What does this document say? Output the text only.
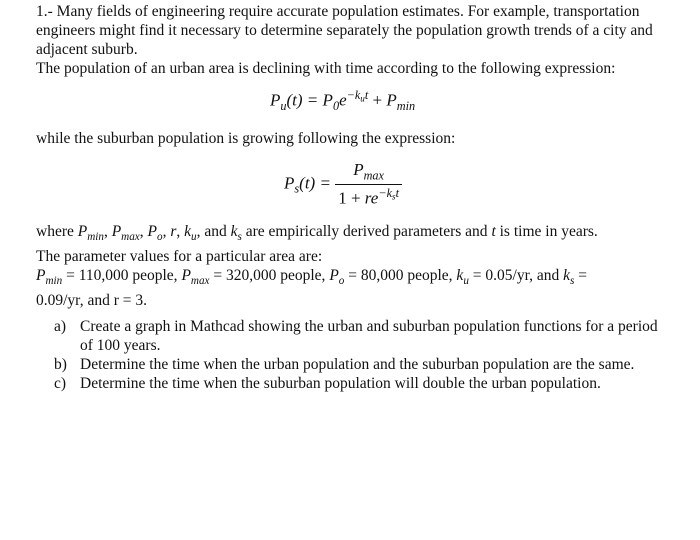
1.- Many fields of engineering require accurate population estimates. For example, transportation engineers might find it necessary to determine separately the population growth trends of a city and adjacent suburb.
The population of an urban area is declining with time according to the following expression:
$P_u(t) = P_0e^{-kut} + P_{min}$
while the suburban population is growing following the expression:
$P_s(t) = \frac{P_{max}}{1 + re^{-kst}}$
where $P_{min}$, $P_{max}$, $P_o$, r, $k_u$, and $k_s$ are empirically derived parameters and t is time in years.
The parameter values for a particular area are:
$P_{min} = 110,000$ people, $P_{max} = 320,000$ people, $P_o = 80,000$ people, $k_u = 0.05/yr$, and $k_s$ =
0.09/yr, and r = 3.
a) Create a graph in Mathcad showing the urban and suburban population functions for a period of 100 years.
b) Determine the time when the urban population and the suburban population are the same.
c) Determine the time when the suburban population will double the urban population.
